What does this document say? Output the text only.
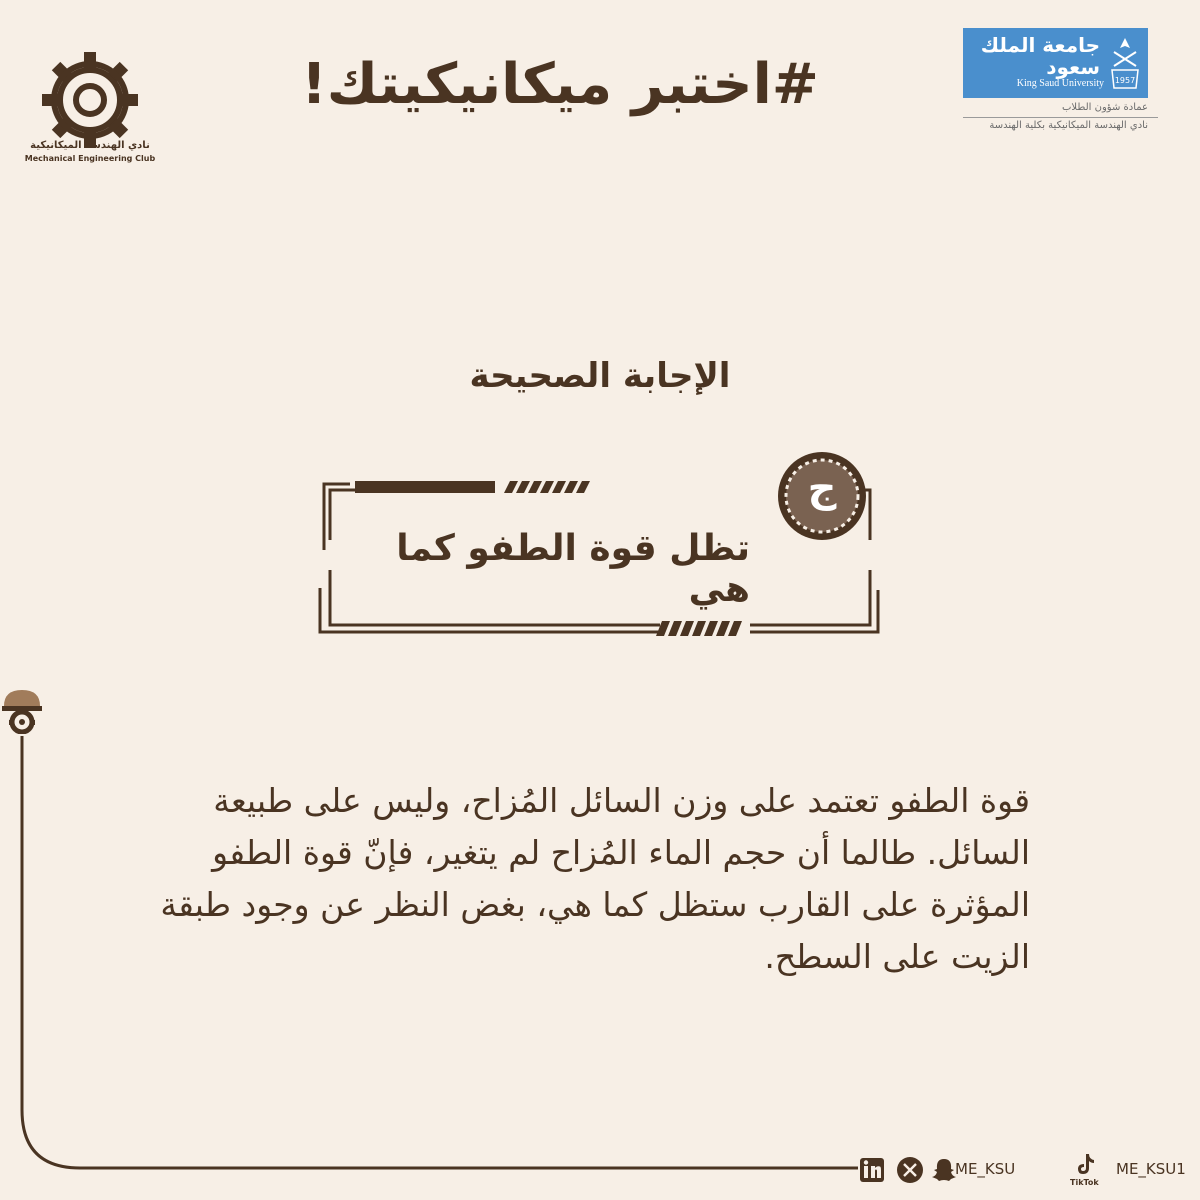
نادي الهندسة الميكانيكية
Mechanical Engineering Club
#اختبر ميكانيكيتك!
جامعة الملك سعود
King Saud University 1957
عمادة شؤون الطلاب
نادي الهندسة الميكانيكية بكلية الهندسة
الإجابة الصحيحة
ج
تظل قوة الطفو كما هي
قوة الطفو تعتمد على وزن السائل المُزاح، وليس على طبيعة السائل. طالما أن حجم الماء المُزاح لم يتغير، فإنّ قوة الطفو المؤثرة على القارب ستظل كما هي، بغض النظر عن وجود طبقة الزيت على السطح.
ME_KSU
TikTok
ME_KSU1
